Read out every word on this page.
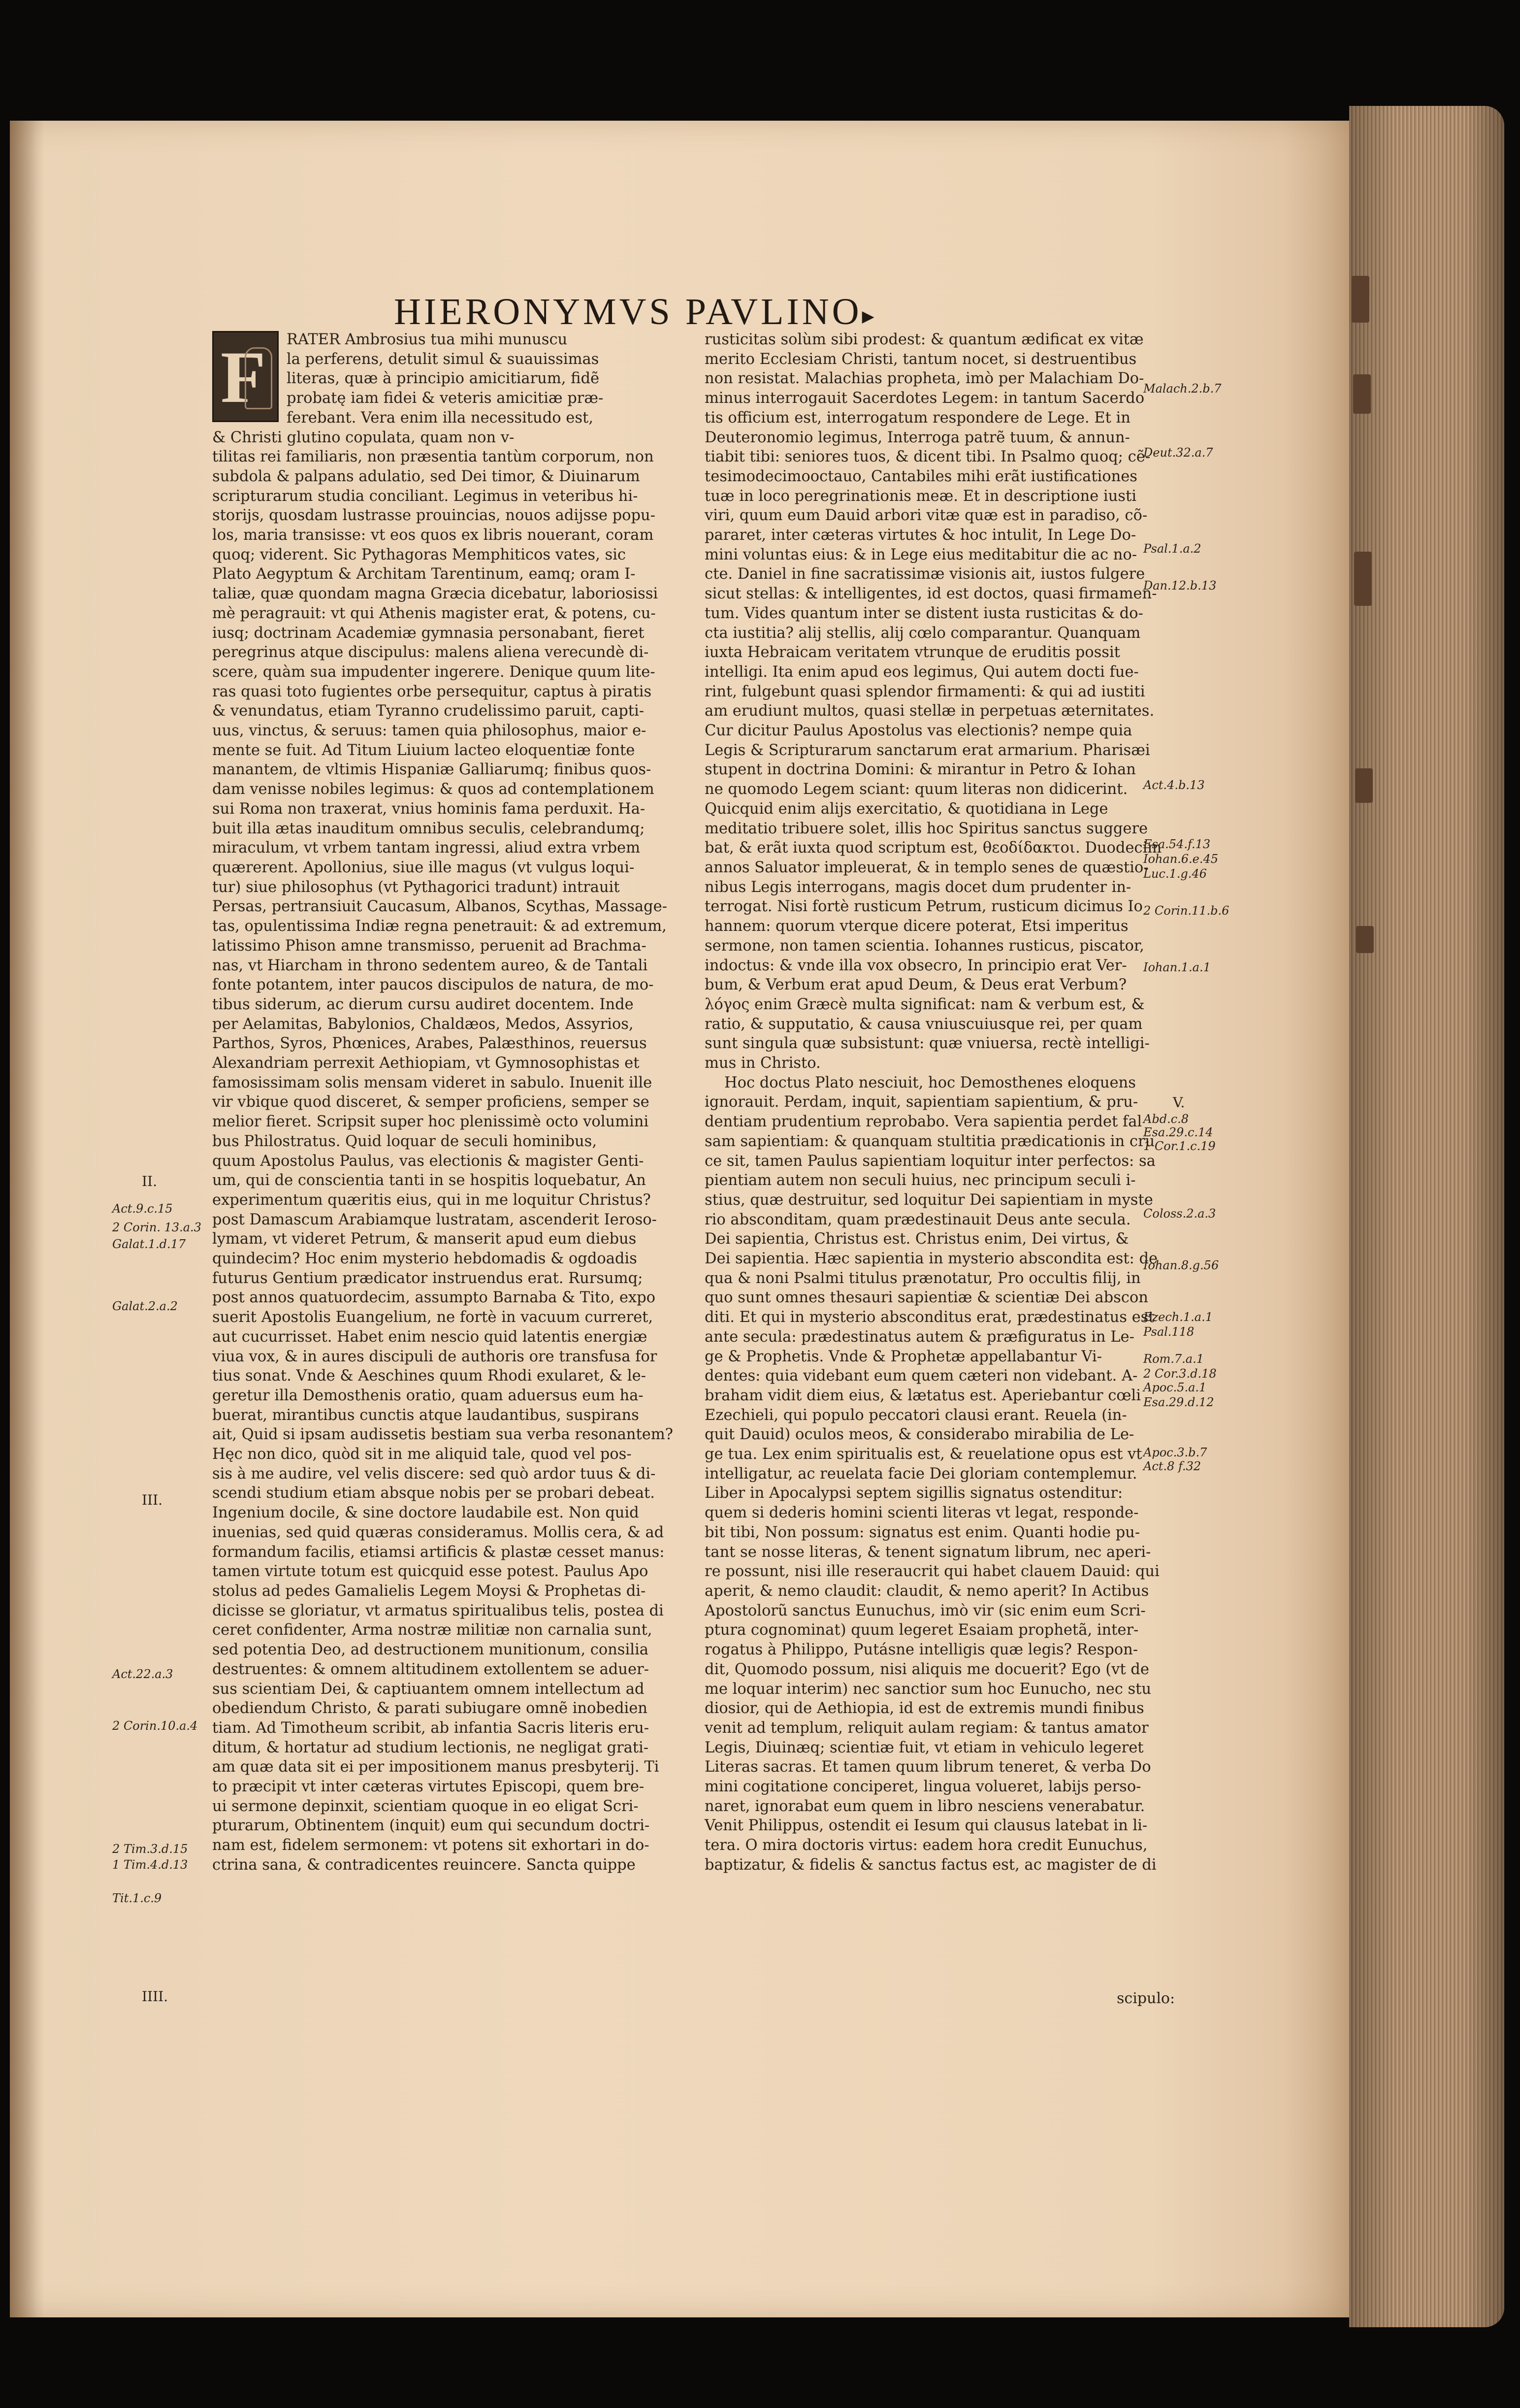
HIERONYMVS PAVLINO▸
F	RATER Ambrosius tua mihi munuscu
la perferens, detulit simul & suauissimas
literas, quæ à principio amicitiarum, fidẽ
probatę iam fidei & veteris amicitiæ præ-
ferebant. Vera enim illa necessitudo est,
& Christi glutino copulata, quam non v-
tilitas rei familiaris, non præsentia tantùm corporum, non
subdola & palpans adulatio, sed Dei timor, & Diuinarum
scripturarum studia conciliant. Legimus in veteribus hi-
storijs, quosdam lustrasse prouincias, nouos adijsse popu-
los, maria transisse: vt eos quos ex libris nouerant, coram
quoq; viderent. Sic Pythagoras Memphiticos vates, sic
Plato Aegyptum & Architam Tarentinum, eamq; oram I-
taliæ, quæ quondam magna Græcia dicebatur, laboriosissi
mè peragrauit: vt qui Athenis magister erat, & potens, cu-
iusq; doctrinam Academiæ gymnasia personabant, fieret
peregrinus atque discipulus: malens aliena verecundè di-
scere, quàm sua impudenter ingerere. Denique quum lite-
ras quasi toto fugientes orbe persequitur, captus à piratis
& venundatus, etiam Tyranno crudelissimo paruit, capti-
uus, vinctus, & seruus: tamen quia philosophus, maior e-
mente se fuit. Ad Titum Liuium lacteo eloquentiæ fonte
manantem, de vltimis Hispaniæ Galliarumq; finibus quos-
dam venisse nobiles legimus: & quos ad contemplationem
sui Roma non traxerat, vnius hominis fama perduxit. Ha-
buit illa ætas inauditum omnibus seculis, celebrandumq;
miraculum, vt vrbem tantam ingressi, aliud extra vrbem
quærerent. Apollonius, siue ille magus (vt vulgus loqui-
tur) siue philosophus (vt Pythagorici tradunt) intrauit
Persas, pertransiuit Caucasum, Albanos, Scythas, Massage-
tas, opulentissima Indiæ regna penetrauit: & ad extremum,
latissimo Phison amne transmisso, peruenit ad Brachma-
nas, vt Hiarcham in throno sedentem aureo, & de Tantali
fonte potantem, inter paucos discipulos de natura, de mo-
tibus siderum, ac dierum cursu audiret docentem. Inde
per Aelamitas, Babylonios, Chaldæos, Medos, Assyrios,
Parthos, Syros, Phœnices, Arabes, Palæsthinos, reuersus
Alexandriam perrexit Aethiopiam, vt Gymnosophistas et
famosissimam solis mensam videret in sabulo. Inuenit ille
vir vbique quod disceret, & semper proficiens, semper se
melior fieret. Scripsit super hoc plenissimè octo volumini
bus Philostratus. Quid loquar de seculi hominibus,
quum Apostolus Paulus, vas electionis & magister Genti-
um, qui de conscientia tanti in se hospitis loquebatur, An
experimentum quæritis eius, qui in me loquitur Christus?
post Damascum Arabiamque lustratam, ascenderit Ieroso-
lymam, vt videret Petrum, & manserit apud eum diebus
quindecim? Hoc enim mysterio hebdomadis & ogdoadis
futurus Gentium prædicator instruendus erat. Rursumq;
post annos quatuordecim, assumpto Barnaba & Tito, expo
suerit Apostolis Euangelium, ne fortè in vacuum curreret,
aut cucurrisset. Habet enim nescio quid latentis energiæ
viua vox, & in aures discipuli de authoris ore transfusa for
tius sonat. Vnde & Aeschines quum Rhodi exularet, & le-
geretur illa Demosthenis oratio, quam aduersus eum ha-
buerat, mirantibus cunctis atque laudantibus, suspirans
ait, Quid si ipsam audissetis bestiam sua verba resonantem?
Hęc non dico, quòd sit in me aliquid tale, quod vel pos-
sis à me audire, vel velis discere: sed quò ardor tuus & di-
scendi studium etiam absque nobis per se probari debeat.
Ingenium docile, & sine doctore laudabile est. Non quid
inuenias, sed quid quæras consideramus. Mollis cera, & ad
formandum facilis, etiamsi artificis & plastæ cesset manus:
tamen virtute totum est quicquid esse potest. Paulus Apo
stolus ad pedes Gamalielis Legem Moysi & Prophetas di-
dicisse se gloriatur, vt armatus spiritualibus telis, postea di
ceret confidenter, Arma nostræ militiæ non carnalia sunt,
sed potentia Deo, ad destructionem munitionum, consilia
destruentes: & omnem altitudinem extollentem se aduer-
sus scientiam Dei, & captiuantem omnem intellectum ad
obediendum Christo, & parati subiugare omnẽ inobedien
tiam. Ad Timotheum scribit, ab infantia Sacris literis eru-
ditum, & hortatur ad studium lectionis, ne negligat grati-
am quæ data sit ei per impositionem manus presbyterij. Ti
to præcipit vt inter cæteras virtutes Episcopi, quem bre-
ui sermone depinxit, scientiam quoque in eo eligat Scri-
pturarum, Obtinentem (inquit) eum qui secundum doctri-
nam est, fidelem sermonem: vt potens sit exhortari in do-
ctrina sana, & contradicentes reuincere. Sancta quippe
rusticitas solùm sibi prodest: & quantum ædificat ex vitæ
merito Ecclesiam Christi, tantum nocet, si destruentibus
non resistat. Malachias propheta, imò per Malachiam Do-
minus interrogauit Sacerdotes Legem: in tantum Sacerdo
tis officium est, interrogatum respondere de Lege. Et in
Deuteronomio legimus, Interroga patrẽ tuum, & annun-
tiabit tibi: seniores tuos, & dicent tibi. In Psalmo quoq; cẽ-
tesimodecimooctauo, Cantabiles mihi erãt iustificationes
tuæ in loco peregrinationis meæ. Et in descriptione iusti
viri, quum eum Dauid arbori vitæ quæ est in paradiso, cõ-
pararet, inter cæteras virtutes & hoc intulit, In Lege Do-
mini voluntas eius: & in Lege eius meditabitur die ac no-
cte. Daniel in fine sacratissimæ visionis ait, iustos fulgere
sicut stellas: & intelligentes, id est doctos, quasi firmamen-
tum. Vides quantum inter se distent iusta rusticitas & do-
cta iustitia? alij stellis, alij cœlo comparantur. Quanquam
iuxta Hebraicam veritatem vtrunque de eruditis possit
intelligi. Ita enim apud eos legimus, Qui autem docti fue-
rint, fulgebunt quasi splendor firmamenti: & qui ad iustiti
am erudiunt multos, quasi stellæ in perpetuas æternitates.
Cur dicitur Paulus Apostolus vas electionis? nempe quia
Legis & Scripturarum sanctarum erat armarium. Pharisæi
stupent in doctrina Domini: & mirantur in Petro & Iohan
ne quomodo Legem sciant: quum literas non didicerint.
Quicquid enim alijs exercitatio, & quotidiana in Lege
meditatio tribuere solet, illis hoc Spiritus sanctus suggere
bat, & erãt iuxta quod scriptum est, θεοδίδακτοι. Duodecim
annos Saluator impleuerat, & in templo senes de quæstio-
nibus Legis interrogans, magis docet dum prudenter in-
terrogat. Nisi fortè rusticum Petrum, rusticum dicimus Io
hannem: quorum vterque dicere poterat, Etsi imperitus
sermone, non tamen scientia. Iohannes rusticus, piscator,
indoctus: & vnde illa vox obsecro, In principio erat Ver-
bum, & Verbum erat apud Deum, & Deus erat Verbum?
λόγος enim Græcè multa significat: nam & verbum est, &
ratio, & supputatio, & causa vniuscuiusque rei, per quam
sunt singula quæ subsistunt: quæ vniuersa, rectè intelligi-
mus in Christo.

Hoc doctus Plato nesciuit, hoc Demosthenes eloquens
ignorauit. Perdam, inquit, sapientiam sapientium, & pru-
dentiam prudentium reprobabo. Vera sapientia perdet fal
sam sapientiam: & quanquam stultitia prædicationis in cru
ce sit, tamen Paulus sapientiam loquitur inter perfectos: sa
pientiam autem non seculi huius, nec principum seculi i-
stius, quæ destruitur, sed loquitur Dei sapientiam in myste
rio absconditam, quam prædestinauit Deus ante secula.
Dei sapientia, Christus est. Christus enim, Dei virtus, &
Dei sapientia. Hæc sapientia in mysterio abscondita est: de
qua & noni Psalmi titulus prænotatur, Pro occultis filij, in
quo sunt omnes thesauri sapientiæ & scientiæ Dei abscon
diti. Et qui in mysterio absconditus erat, prædestinatus est
ante secula: prædestinatus autem & præfiguratus in Le-
ge & Prophetis. Vnde & Prophetæ appellabantur Vi-
dentes: quia videbant eum quem cæteri non videbant. A-
braham vidit diem eius, & lætatus est. Aperiebantur cœli
Ezechieli, qui populo peccatori clausi erant. Reuela (in-
quit Dauid) oculos meos, & considerabo mirabilia de Le-
ge tua. Lex enim spiritualis est, & reuelatione opus est vt
intelligatur, ac reuelata facie Dei gloriam contemplemur.
Liber in Apocalypsi septem sigillis signatus ostenditur:
quem si dederis homini scienti literas vt legat, responde-
bit tibi, Non possum: signatus est enim. Quanti hodie pu-
tant se nosse literas, & tenent signatum librum, nec aperi-
re possunt, nisi ille reseraucrit qui habet clauem Dauid: qui
aperit, & nemo claudit: claudit, & nemo aperit? In Actibus
Apostolorũ sanctus Eunuchus, imò vir (sic enim eum Scri-
ptura cognominat) quum legeret Esaiam prophetã, inter-
rogatus à Philippo, Putásne intelligis quæ legis? Respon-
dit, Quomodo possum, nisi aliquis me docuerit? Ego (vt de
me loquar interim) nec sanctior sum hoc Eunucho, nec stu
diosior, qui de Aethiopia, id est de extremis mundi finibus
venit ad templum, reliquit aulam regiam: & tantus amator
Legis, Diuinæq; scientiæ fuit, vt etiam in vehiculo legeret
Literas sacras. Et tamen quum librum teneret, & verba Do
mini cogitatione conciperet, lingua volueret, labijs perso-
naret, ignorabat eum quem in libro nesciens venerabatur.
Venit Philippus, ostendit ei Iesum qui clausus latebat in li-
tera. O mira doctoris virtus: eadem hora credit Eunuchus,
baptizatur, & fidelis & sanctus factus est, ac magister de di
scipulo:
II.
Act.9.c.15
2 Corin. 13.a.3
Galat.1.d.17
Galat.2.a.2
III.
Act.22.a.3
2 Corin.10.a.4
2 Tim.3.d.15
1 Tim.4.d.13
Tit.1.c.9
IIII.
Malach.2.b.7
Deut.32.a.7
Psal.1.a.2
Dan.12.b.13
Act.4.b.13
Esa.54.f.13
Iohan.6.e.45
Luc.1.g.46
2 Corin.11.b.6
Iohan.1.a.1
V.
Abd.c.8
Esa.29.c.14
1 Cor.1.c.19
Coloss.2.a.3
Iohan.8.g.56
Ezech.1.a.1
Psal.118
Rom.7.a.1
2 Cor.3.d.18
Apoc.5.a.1
Esa.29.d.12
Apoc.3.b.7
Act.8 f.32
